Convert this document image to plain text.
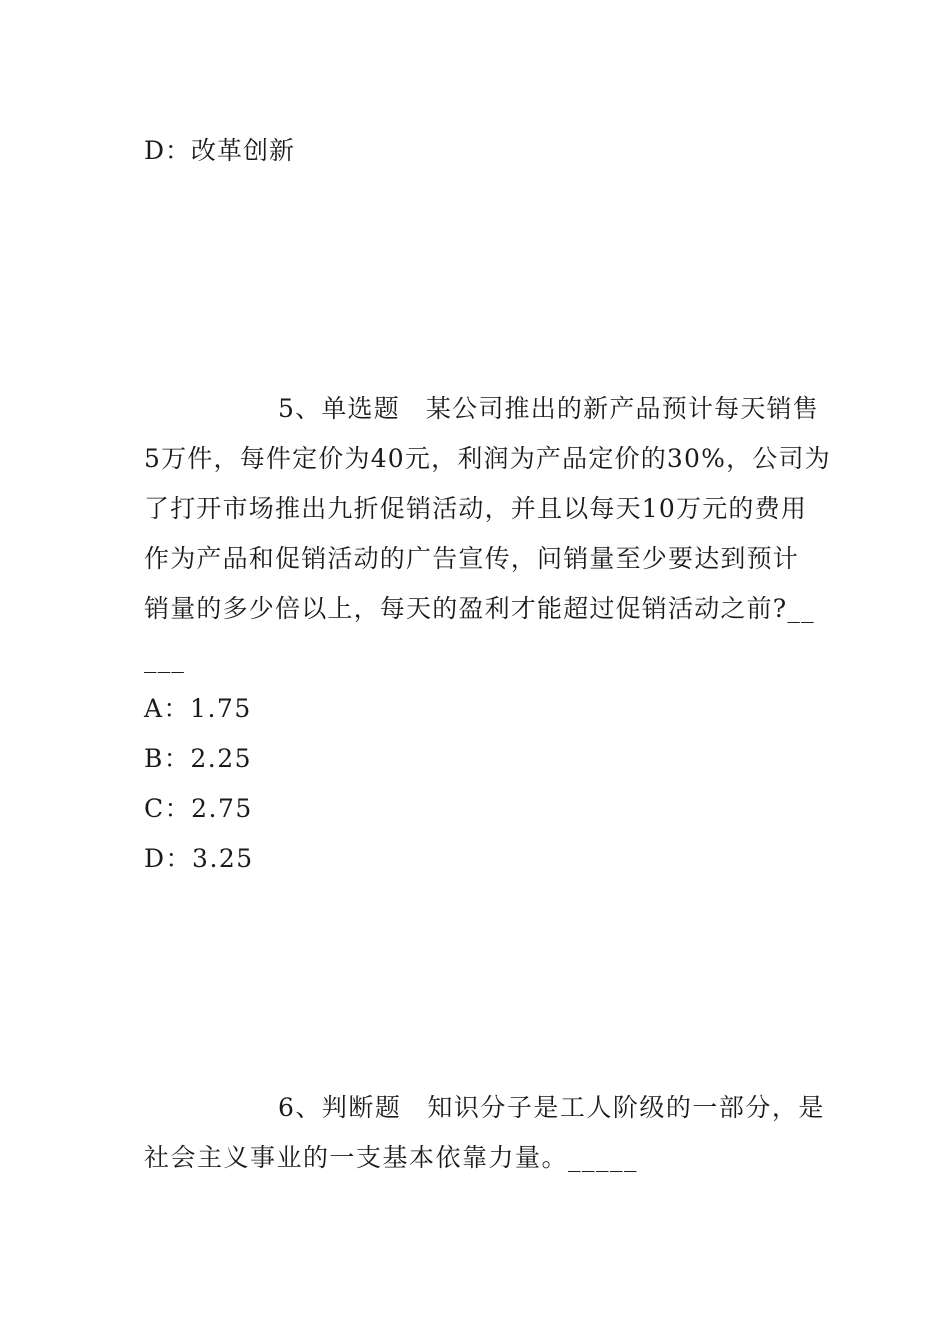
D：改革创新
5、单选题 某公司推出的新产品预计每天销售
5万件，每件定价为40元，利润为产品定价的30%，公司为
了打开市场推出九折促销活动，并且以每天10万元的费用
作为产品和促销活动的广告宣传，问销量至少要达到预计
销量的多少倍以上，每天的盈利才能超过促销活动之前?__
___
A：1.75
B：2.25
C：2.75
D：3.25
6、判断题 知识分子是工人阶级的一部分，是
社会主义事业的一支基本依靠力量。_____
